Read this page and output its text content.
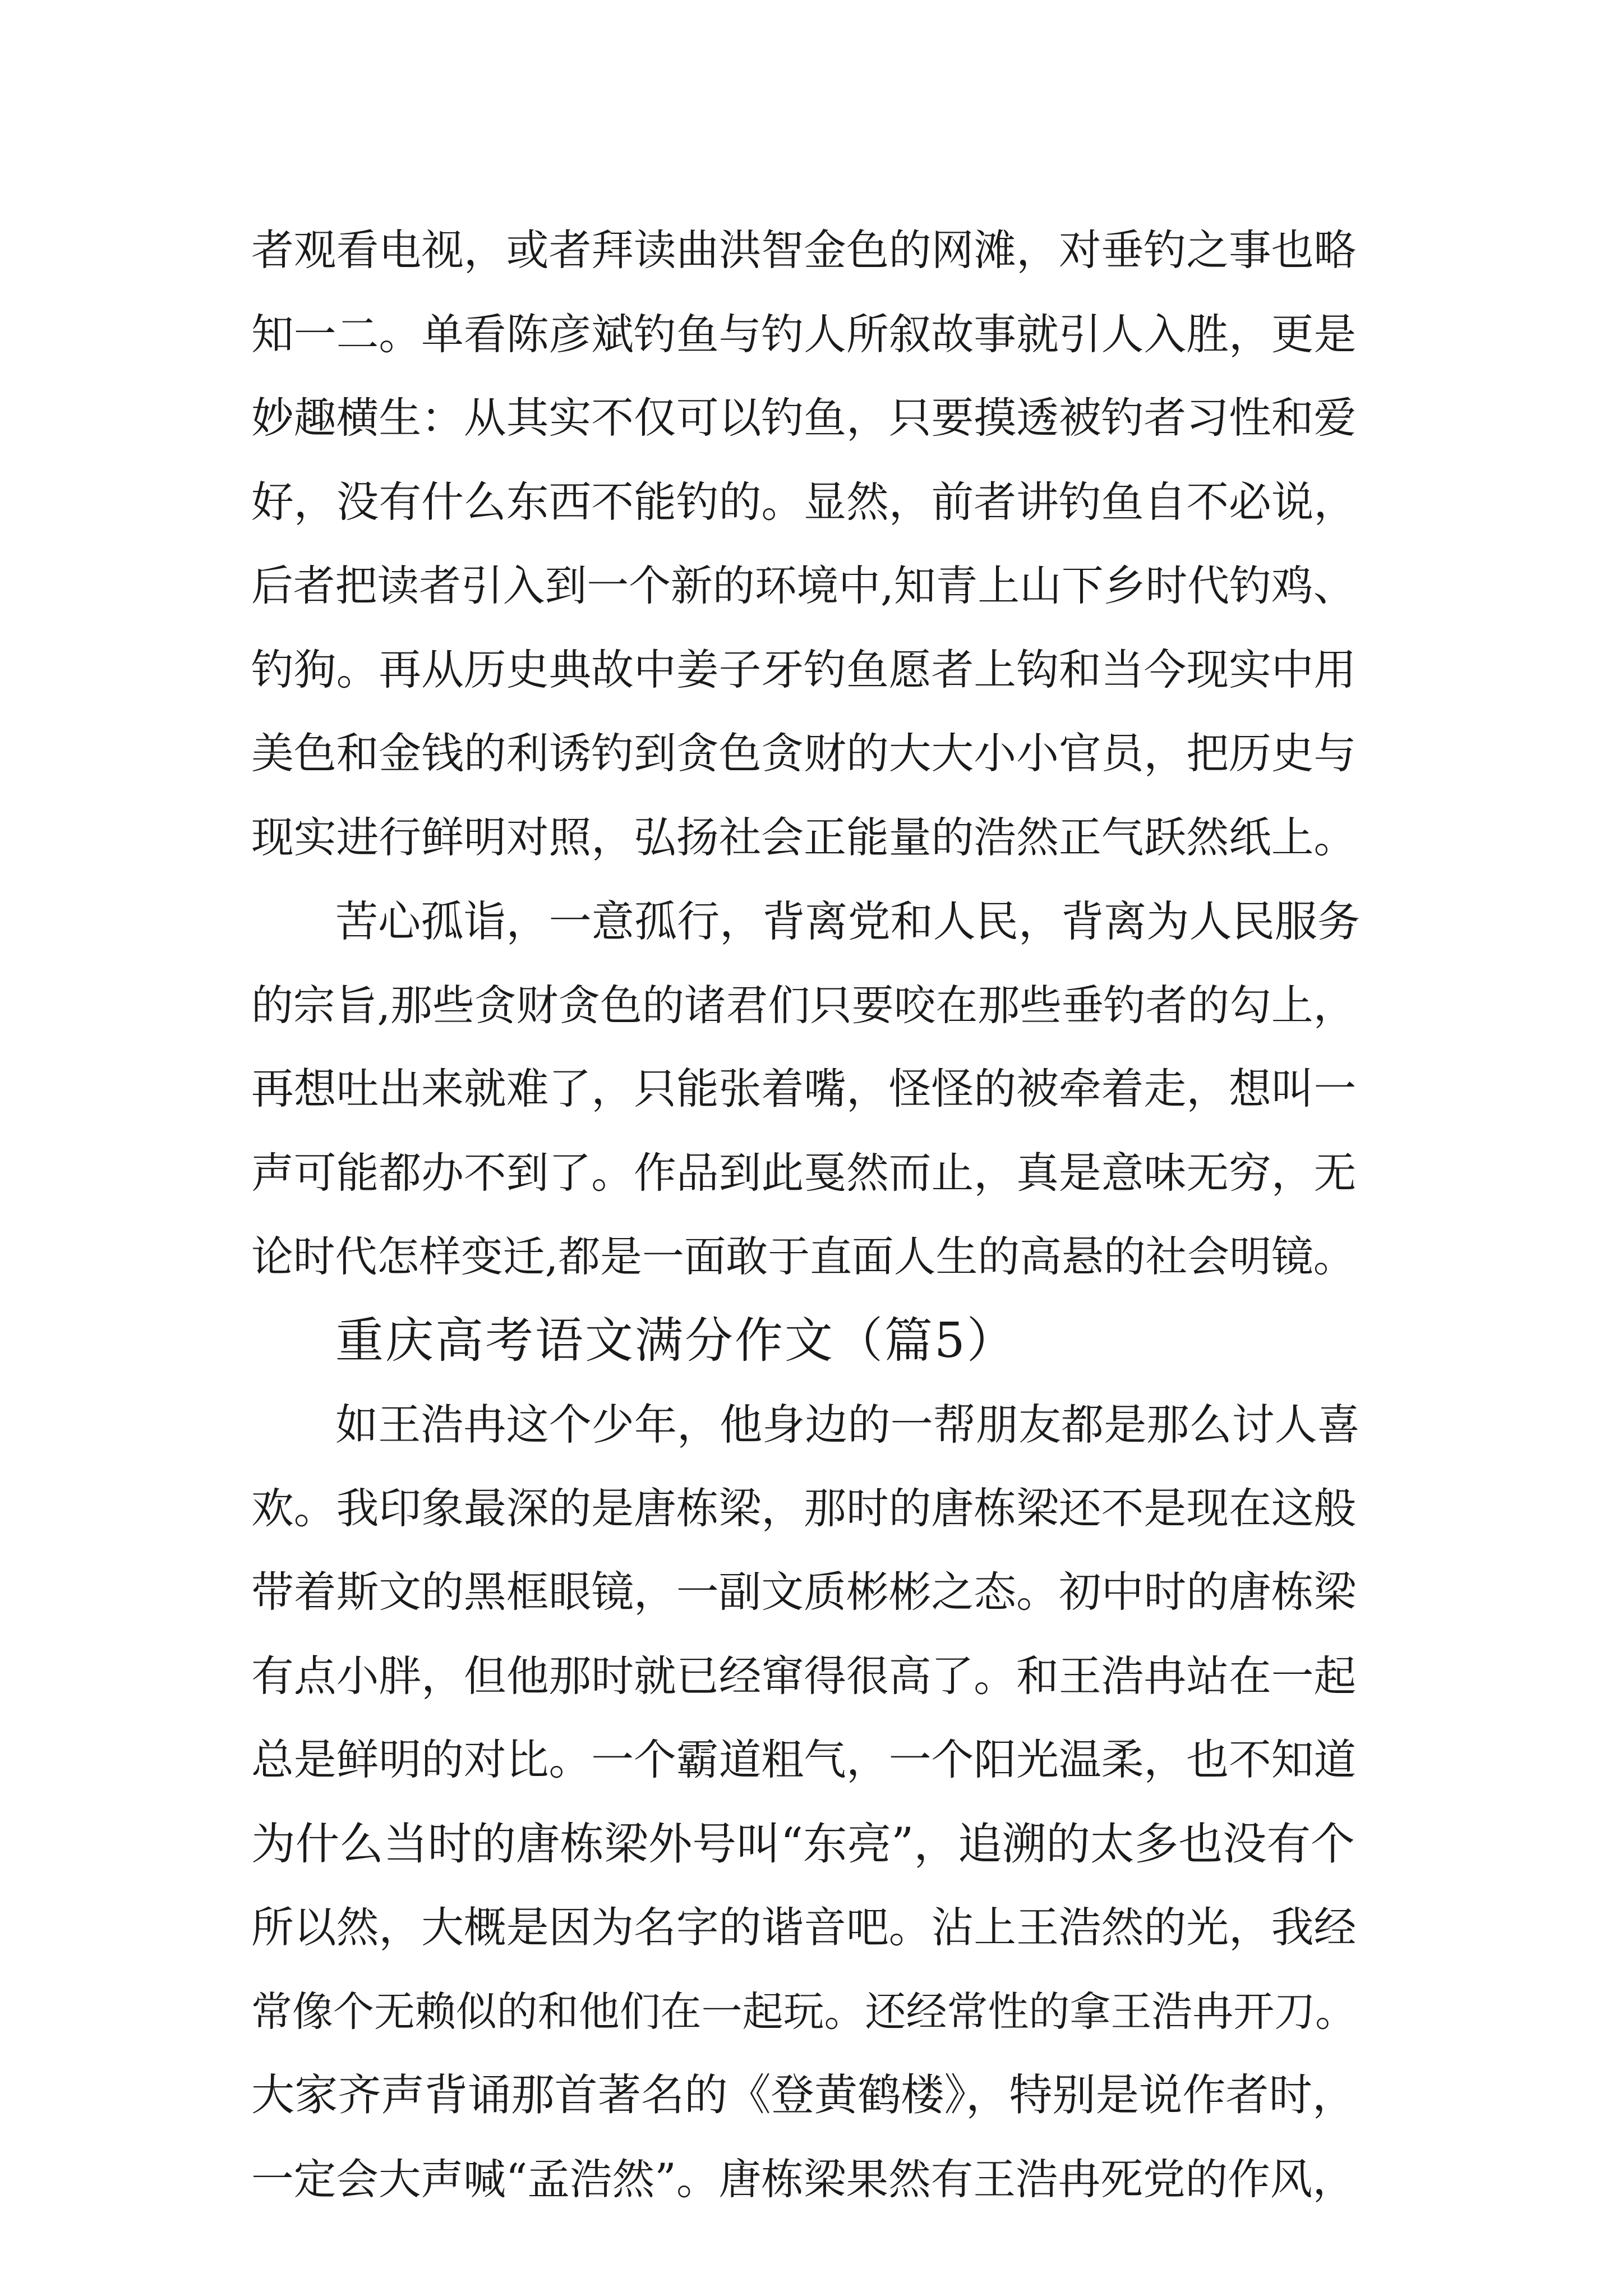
者观看电视，或者拜读曲洪智金色的网滩，对垂钓之事也略
知一二。单看陈彦斌钓鱼与钓人所叙故事就引人入胜，更是
妙趣横生：从其实不仅可以钓鱼，只要摸透被钓者习性和爱
好，没有什么东西不能钓的。显然，前者讲钓鱼自不必说，
后者把读者引入到一个新的环境中,知青上山下乡时代钓鸡、
钓狗。再从历史典故中姜子牙钓鱼愿者上钩和当今现实中用
美色和金钱的利诱钓到贪色贪财的大大小小官员，把历史与
现实进行鲜明对照，弘扬社会正能量的浩然正气跃然纸上。
苦心孤诣，一意孤行，背离党和人民，背离为人民服务
的宗旨,那些贪财贪色的诸君们只要咬在那些垂钓者的勾上，
再想吐出来就难了，只能张着嘴，怪怪的被牵着走，想叫一
声可能都办不到了。作品到此戛然而止，真是意味无穷，无
论时代怎样变迁,都是一面敢于直面人生的高悬的社会明镜。
重庆高考语文满分作文（篇5）
如王浩冉这个少年，他身边的一帮朋友都是那么讨人喜
欢。我印象最深的是唐栋梁，那时的唐栋梁还不是现在这般
带着斯文的黑框眼镜，一副文质彬彬之态。初中时的唐栋梁
有点小胖，但他那时就已经窜得很高了。和王浩冉站在一起
总是鲜明的对比。一个霸道粗气，一个阳光温柔，也不知道
为什么当时的唐栋梁外号叫“东亮”，追溯的太多也没有个
所以然，大概是因为名字的谐音吧。沾上王浩然的光，我经
常像个无赖似的和他们在一起玩。还经常性的拿王浩冉开刀。
大家齐声背诵那首著名的《登黄鹤楼》，特别是说作者时，
一定会大声喊“孟浩然”。唐栋梁果然有王浩冉死党的作风，
